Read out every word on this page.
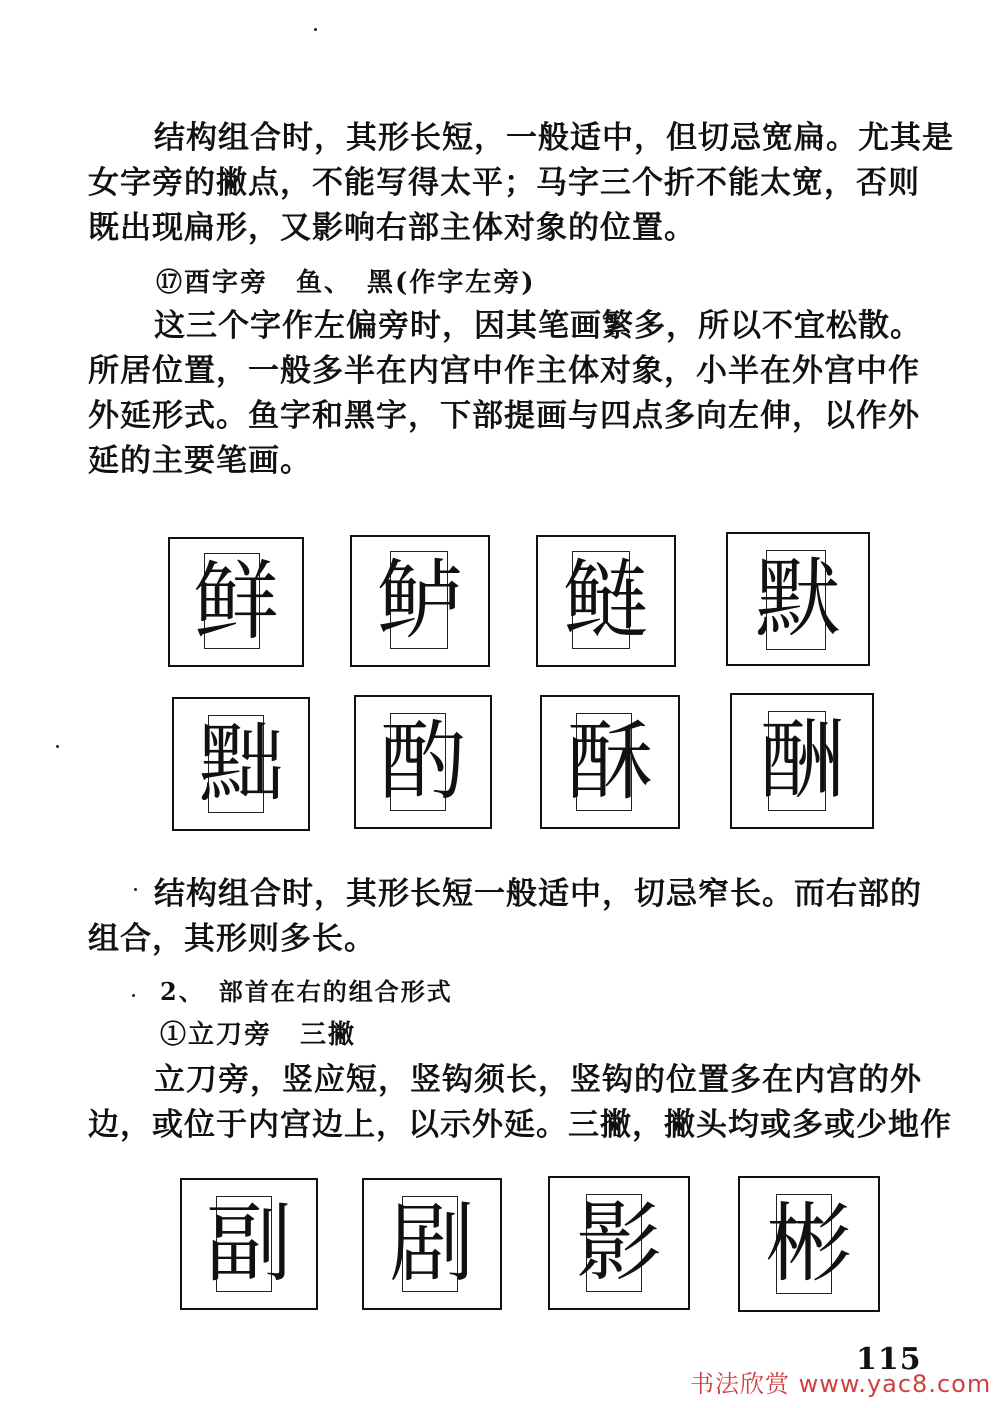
结构组合时，其形长短，一般适中，但切忌宽扁。尤其是
女字旁的撇点，不能写得太平；马字三个折不能太宽，否则
既出现扁形，又影响右部主体对象的位置。
⑰酉字旁　鱼、　黑(作字左旁)
这三个字作左偏旁时，因其笔画繁多，所以不宜松散。
所居位置，一般多半在内宫中作主体对象，小半在外宫中作
外延形式。鱼字和黑字，下部提画与四点多向左伸，以作外
延的主要笔画。
鲜 鲈 鲢	默
黜 酌 酥	酬
结构组合时，其形长短一般适中，切忌窄长。而右部的
组合，其形则多长。
2、　部首在右的组合形式
①立刀旁　三撇
立刀旁，竖应短，竖钩须长，竖钩的位置多在内宫的外
边，或位于内宫边上，以示外延。三撇，撇头均或多或少地作
副 剧	影	彬
115
书法欣赏 www.yac8.com
